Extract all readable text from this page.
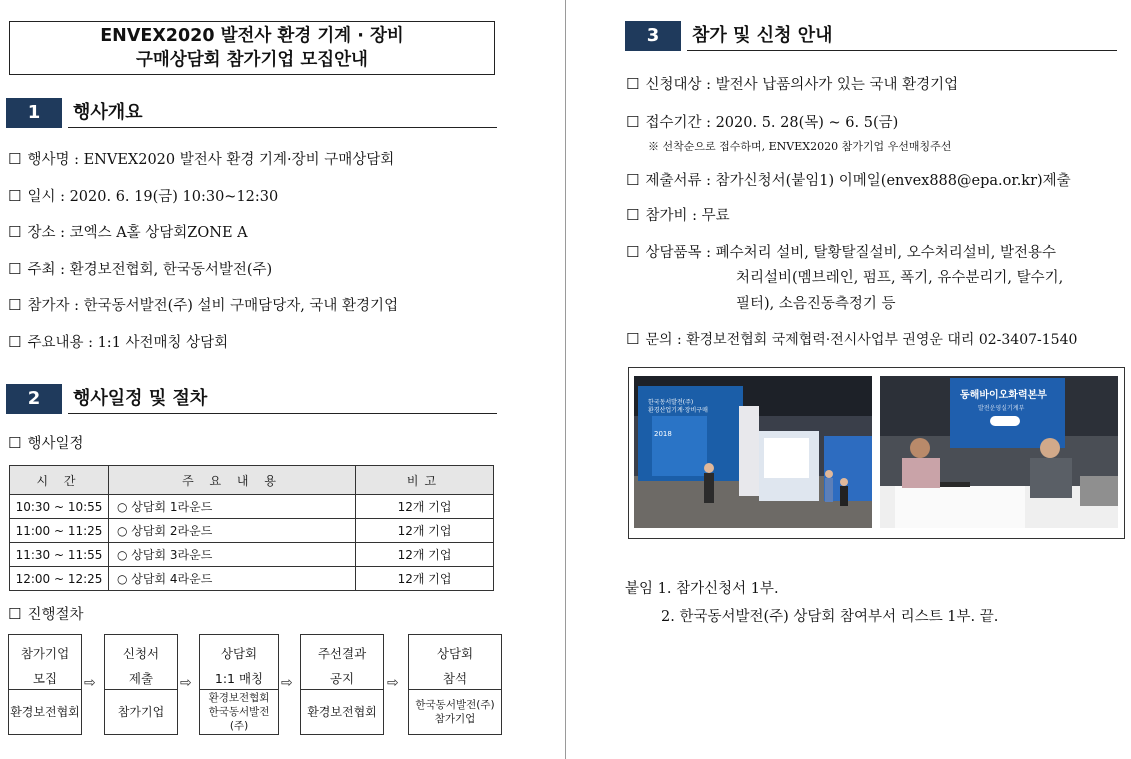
ENVEX2020 발전사 환경 기계 · 장비
구매상담회 참가기업 모집안내
1	행사개요
☐ 행사명 : ENVEX2020 발전사 환경 기계·장비 구매상담회
☐ 일시 : 2020. 6. 19(금) 10:30~12:30
☐ 장소 : 코엑스 A홀 상담회ZONE A
☐ 주최 : 환경보전협회, 한국동서발전(주)
☐ 참가자 : 한국동서발전(주) 설비 구매담당자, 국내 환경기업
☐ 주요내용 : 1:1 사전매칭 상담회
2	행사일정 및 절차
☐ 행사일정
시 간	주 요 내 용	비고
10:30 ~ 10:55	○ 상담회 1라운드	12개 기업
11:00 ~ 11:25	○ 상담회 2라운드	12개 기업
11:30 ~ 11:55	○ 상담회 3라운드	12개 기업
12:00 ~ 12:25	○ 상담회 4라운드	12개 기업
☐ 진행절차
참가기업
모집
환경보전협회
⇨
신청서
제출
참가기업
⇨
상담회
1:1 매칭
환경보전협회
한국동서발전(주)
⇨
주선결과
공지
환경보전협회
⇨
상담회
참석
한국동서발전(주)
참가기업
3	참가 및 신청 안내
☐ 신청대상 : 발전사 납품의사가 있는 국내 환경기업
☐ 접수기간 : 2020. 5. 28(목) ~ 6. 5(금)
※ 선착순으로 접수하며, ENVEX2020 참가기업 우선매칭주선
☐ 제출서류 : 참가신청서(붙임1) 이메일(envex888@epa.or.kr)제출
☐ 참가비 : 무료
☐ 상담품목 : 폐수처리 설비, 탈황탈질설비, 오수처리설비, 발전용수
처리설비(멤브레인, 펌프, 폭기, 유수분리기, 탈수기,
필터), 소음진동측정기 등
☐ 문의 : 환경보전협회 국제협력·전시사업부 권영운 대리 02-3407-1540
한국동서발전(주)
환경산업기계·장비구매
2018
동해바이오화력본부
발전운영실기계부
붙임 1. 참가신청서 1부.
2. 한국동서발전(주) 상담회 참여부서 리스트 1부. 끝.
